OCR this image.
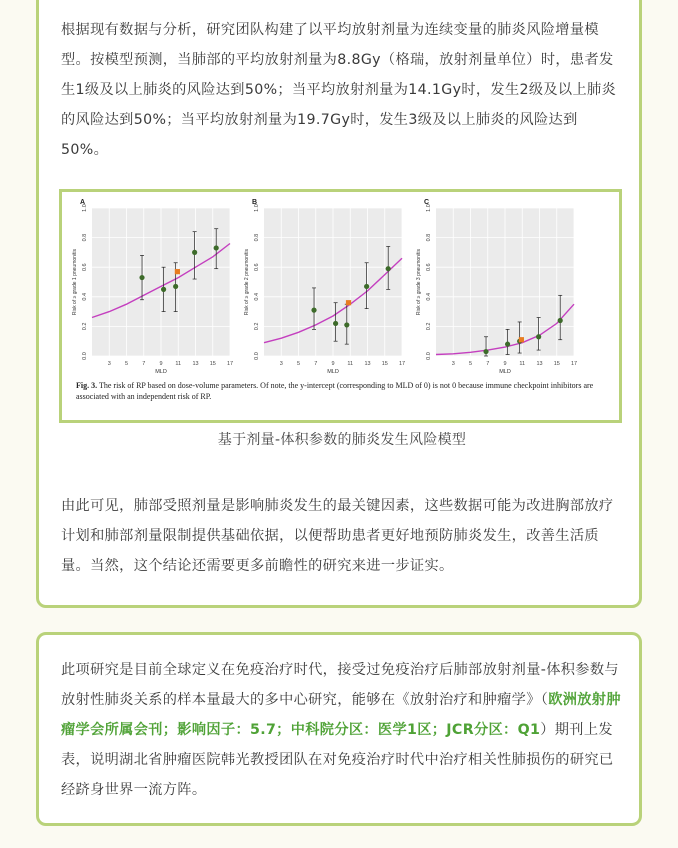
根据现有数据与分析，研究团队构建了以平均放射剂量为连续变量的肺炎风险增量模型。按模型预测，当肺部的平均放射剂量为8.8Gy（格瑞，放射剂量单位）时，患者发生1级及以上肺炎的风险达到50%；当平均放射剂量为14.1Gy时，发生2级及以上肺炎的风险达到50%；当平均放射剂量为19.7Gy时，发生3级及以上肺炎的风险达到50%。

3	5	7	9 11 13 15 17
0.0
0.2
0.4
0.6
0.8
1.0
A
Risk of ≥ grade 1 pneumonitis
MLD
3	5	7	9 11 13 15 17
0.0
0.2
0.4
0.6
0.8
1.0
B
Risk of ≥ grade 2 pneumonitis
MLD
3	5	7	9 11 13 15 17
0.0
0.2
0.4
0.6
0.8
1.0
C
Risk of ≥ grade 3 pneumonitis
MLD
Fig. 3. The risk of RP based on dose-volume parameters. Of note, the y-intercept (corresponding to MLD of 0) is not 0 because immune checkpoint inhibitors are associated with an independent risk of RP.
基于剂量-体积参数的肺炎发生风险模型

由此可见，肺部受照剂量是影响肺炎发生的最关键因素，这些数据可能为改进胸部放疗计划和肺部剂量限制提供基础依据，以便帮助患者更好地预防肺炎发生，改善生活质量。当然，这个结论还需要更多前瞻性的研究来进一步证实。

此项研究是目前全球定义在免疫治疗时代，接受过免疫治疗后肺部放射剂量-体积参数与放射性肺炎关系的样本量最大的多中心研究，能够在《放射治疗和肿瘤学》（欧洲放射肿瘤学会所属会刊；影响因子：5.7；中科院分区：医学1区；JCR分区：Q1）期刊上发表，说明湖北省肿瘤医院韩光教授团队在对免疫治疗时代中治疗相关性肺损伤的研究已经跻身世界一流方阵。
